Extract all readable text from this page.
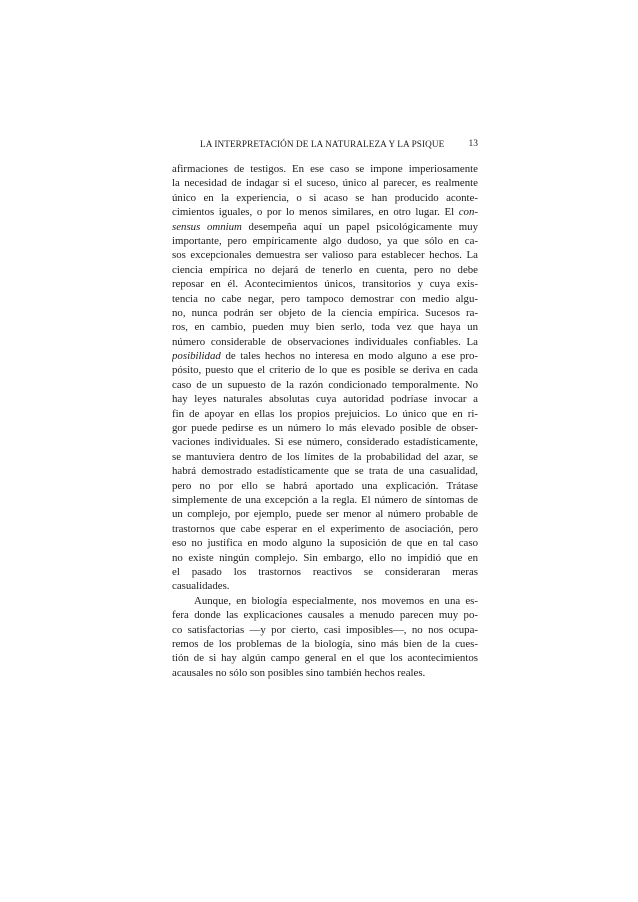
LA INTERPRETACIÓN DE LA NATURALEZA Y LA PSIQUE	13
afirmaciones de testigos. En ese caso se impone imperiosamente
la necesidad de indagar si el suceso, único al parecer, es realmente
único en la experiencia, o si acaso se han producido aconte-
cimientos iguales, o por lo menos similares, en otro lugar. El con-
sensus omnium desempeña aquí un papel psicológicamente muy
importante, pero empíricamente algo dudoso, ya que sólo en ca-
sos excepcionales demuestra ser valioso para establecer hechos. La
ciencia empírica no dejará de tenerlo en cuenta, pero no debe
reposar en él. Acontecimientos únicos, transitorios y cuya exis-
tencia no cabe negar, pero tampoco demostrar con medio algu-
no, nunca podrán ser objeto de la ciencia empírica. Sucesos ra-
ros, en cambio, pueden muy bien serlo, toda vez que haya un
número considerable de observaciones individuales confiables. La
posibilidad de tales hechos no interesa en modo alguno a ese pro-
pósito, puesto que el criterio de lo que es posible se deriva en cada
caso de un supuesto de la razón condicionado temporalmente. No
hay leyes naturales absolutas cuya autoridad podríase invocar a
fin de apoyar en ellas los propios prejuicios. Lo único que en ri-
gor puede pedirse es un número lo más elevado posible de obser-
vaciones individuales. Si ese número, considerado estadísticamente,
se mantuviera dentro de los límites de la probabilidad del azar, se
habrá demostrado estadísticamente que se trata de una casualidad,
pero no por ello se habrá aportado una explicación. Trátase
simplemente de una excepción a la regla. El número de síntomas de
un complejo, por ejemplo, puede ser menor al número probable de
trastornos que cabe esperar en el experimento de asociación, pero
eso no justifica en modo alguno la suposición de que en tal caso
no existe ningún complejo. Sin embargo, ello no impidió que en
el pasado los trastornos reactivos se consideraran meras
casualidades.
Aunque, en biología especialmente, nos movemos en una es-
fera donde las explicaciones causales a menudo parecen muy po-
co satisfactorias —y por cierto, casi imposibles—, no nos ocupa-
remos de los problemas de la biología, sino más bien de la cues-
tión de si hay algún campo general en el que los acontecimientos
acausales no sólo son posibles sino también hechos reales.
